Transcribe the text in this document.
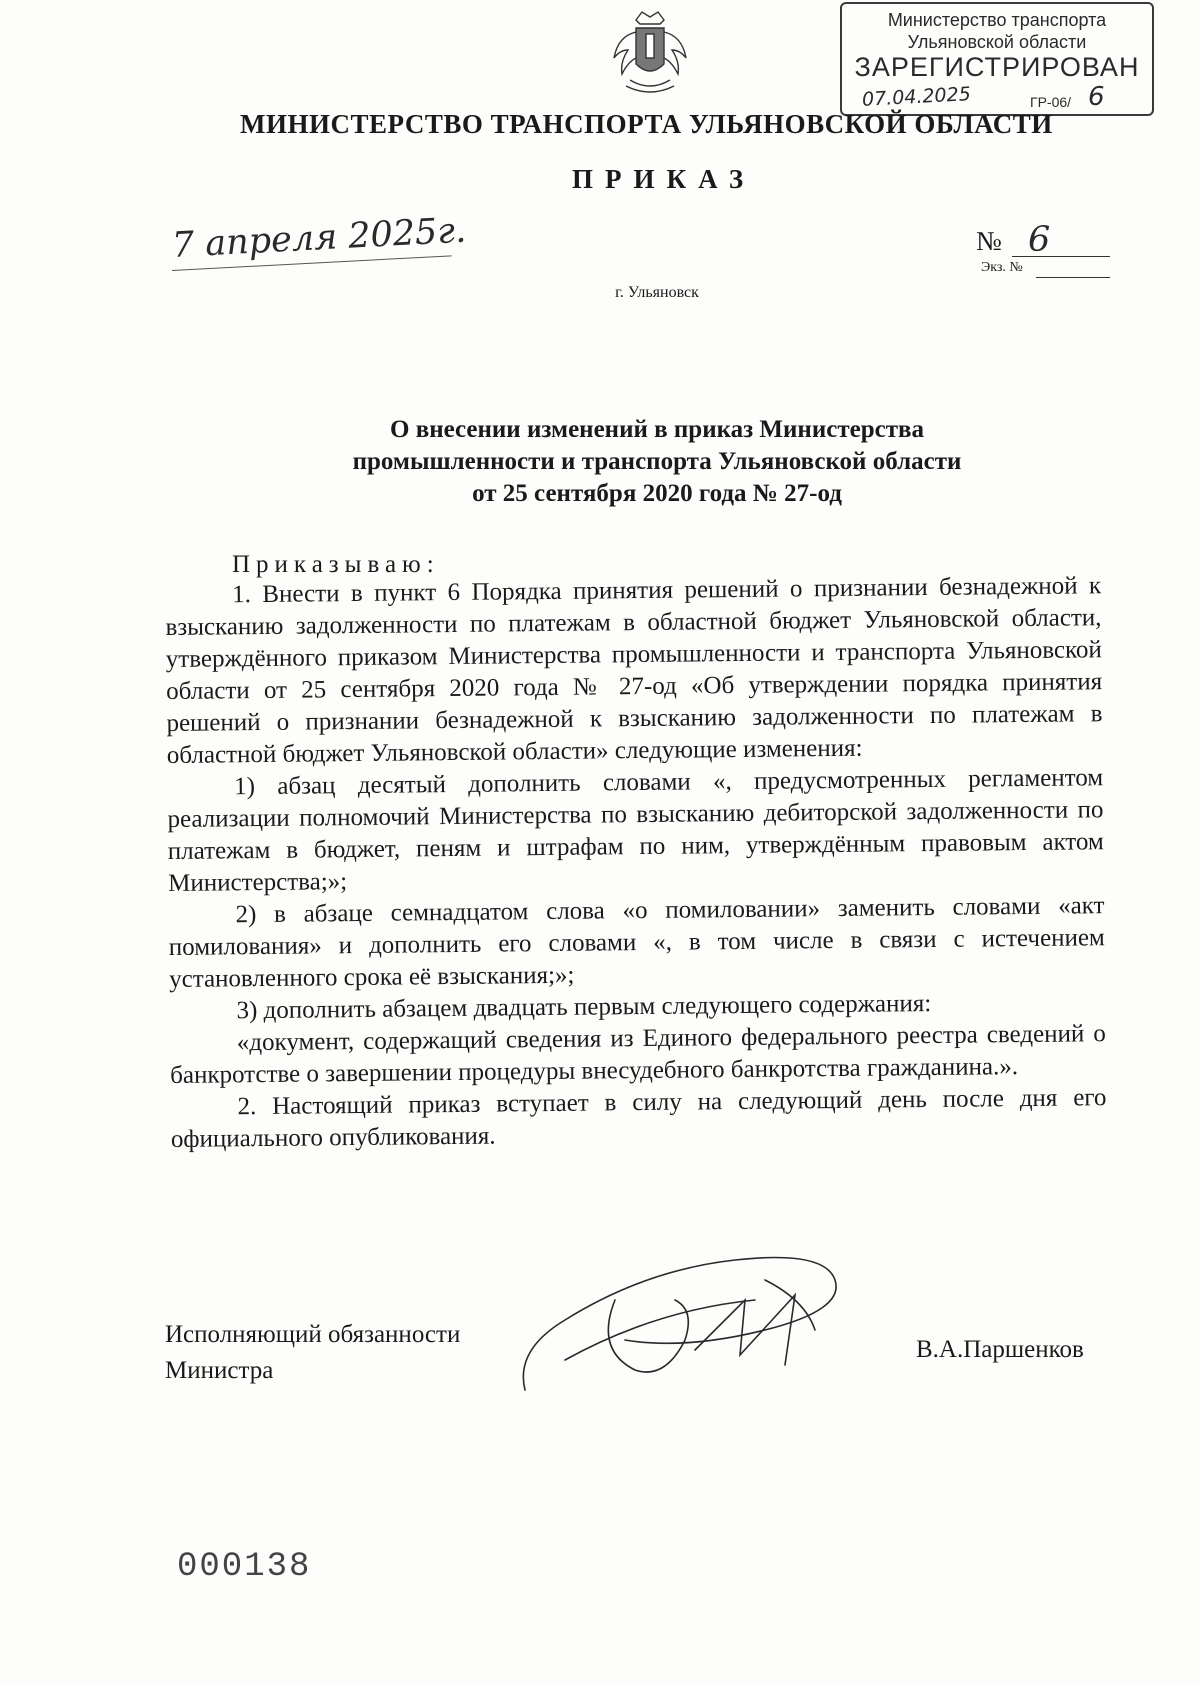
Министерство транспорта
Ульяновской области
ЗАРЕГИСТРИРОВАН
07.04.2025	ГР-06/ 6
МИНИСТЕРСТВО ТРАНСПОРТА УЛЬЯНОВСКОЙ ОБЛАСТИ
ПРИКАЗ
7 апреля 2025г.	№ 6
Экз. №
г. Ульяновск
О внесении изменений в приказ Министерства
промышленности и транспорта Ульяновской области
от 25 сентября 2020 года № 27-од
Приказываю:

1. Внести в пункт 6 Порядка принятия решений о признании безнадежной к взысканию задолженности по платежам в областной бюджет Ульяновской области, утверждённого приказом Министерства промышленности и транспорта Ульяновской области от 25 сентября 2020 года № 27-од «Об утверждении порядка принятия решений о признании безнадежной к взысканию задолженности по платежам в областной бюджет Ульяновской области» следующие изменения:

1) абзац десятый дополнить словами «, предусмотренных регламентом реализации полномочий Министерства по взысканию дебиторской задолженности по платежам в бюджет, пеням и штрафам по ним, утверждённым правовым актом Министерства;»;

2) в абзаце семнадцатом слова «о помиловании» заменить словами «акт помилования» и дополнить его словами «, в том числе в связи с истечением установленного срока её взыскания;»;

3) дополнить абзацем двадцать первым следующего содержания:

«документ, содержащий сведения из Единого федерального реестра сведений о банкротстве о завершении процедуры внесудебного банкротства гражданина.».

2. Настоящий приказ вступает в силу на следующий день после дня его официального опубликования.

Исполняющий обязанности
Министра
В.А.Паршенков
000138
